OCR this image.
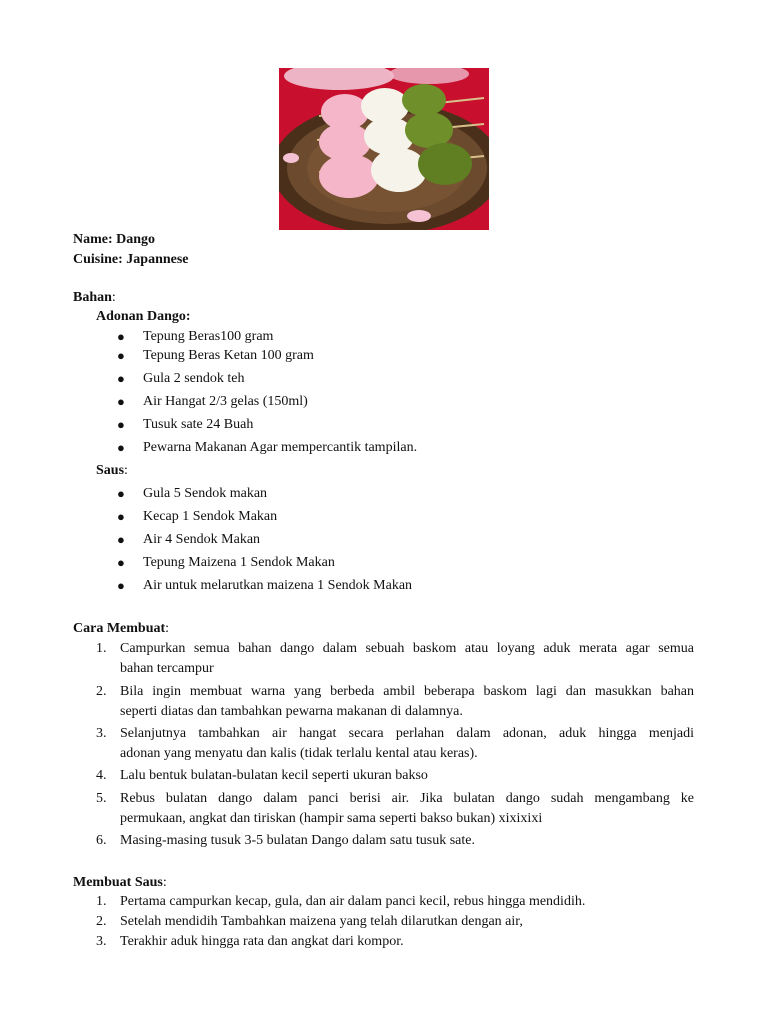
Name: Dango
Cuisine: Japannese
Bahan:
Adonan Dango:
●	Tepung Beras100 gram
●	Tepung Beras Ketan 100 gram
●	Gula 2 sendok teh
●	Air Hangat 2/3 gelas (150ml)
●	Tusuk sate 24 Buah
●	Pewarna Makanan Agar mempercantik tampilan.
Saus:
●	Gula 5 Sendok makan
●	Kecap 1 Sendok Makan
●	Air 4 Sendok Makan
●	Tepung Maizena 1 Sendok Makan
●	Air untuk melarutkan maizena 1 Sendok Makan
Cara Membuat:
1. Campurkan semua bahan dango dalam sebuah baskom atau loyang aduk merata agar semua
bahan tercampur
2. Bila ingin membuat warna yang berbeda ambil beberapa baskom lagi dan masukkan bahan
seperti diatas dan tambahkan pewarna makanan di dalamnya.
3. Selanjutnya tambahkan air hangat secara perlahan dalam adonan, aduk hingga menjadi
adonan yang menyatu dan kalis (tidak terlalu kental atau keras).
4. Lalu bentuk bulatan-bulatan kecil seperti ukuran bakso
5. Rebus bulatan dango dalam panci berisi air. Jika bulatan dango sudah mengambang ke
permukaan, angkat dan tiriskan (hampir sama seperti bakso bukan) xixixixi
6. Masing-masing tusuk 3-5 bulatan Dango dalam satu tusuk sate.
Membuat Saus:
1. Pertama campurkan kecap, gula, dan air dalam panci kecil, rebus hingga mendidih.
2. Setelah mendidih Tambahkan maizena yang telah dilarutkan dengan air,
3. Terakhir aduk hingga rata dan angkat dari kompor.
